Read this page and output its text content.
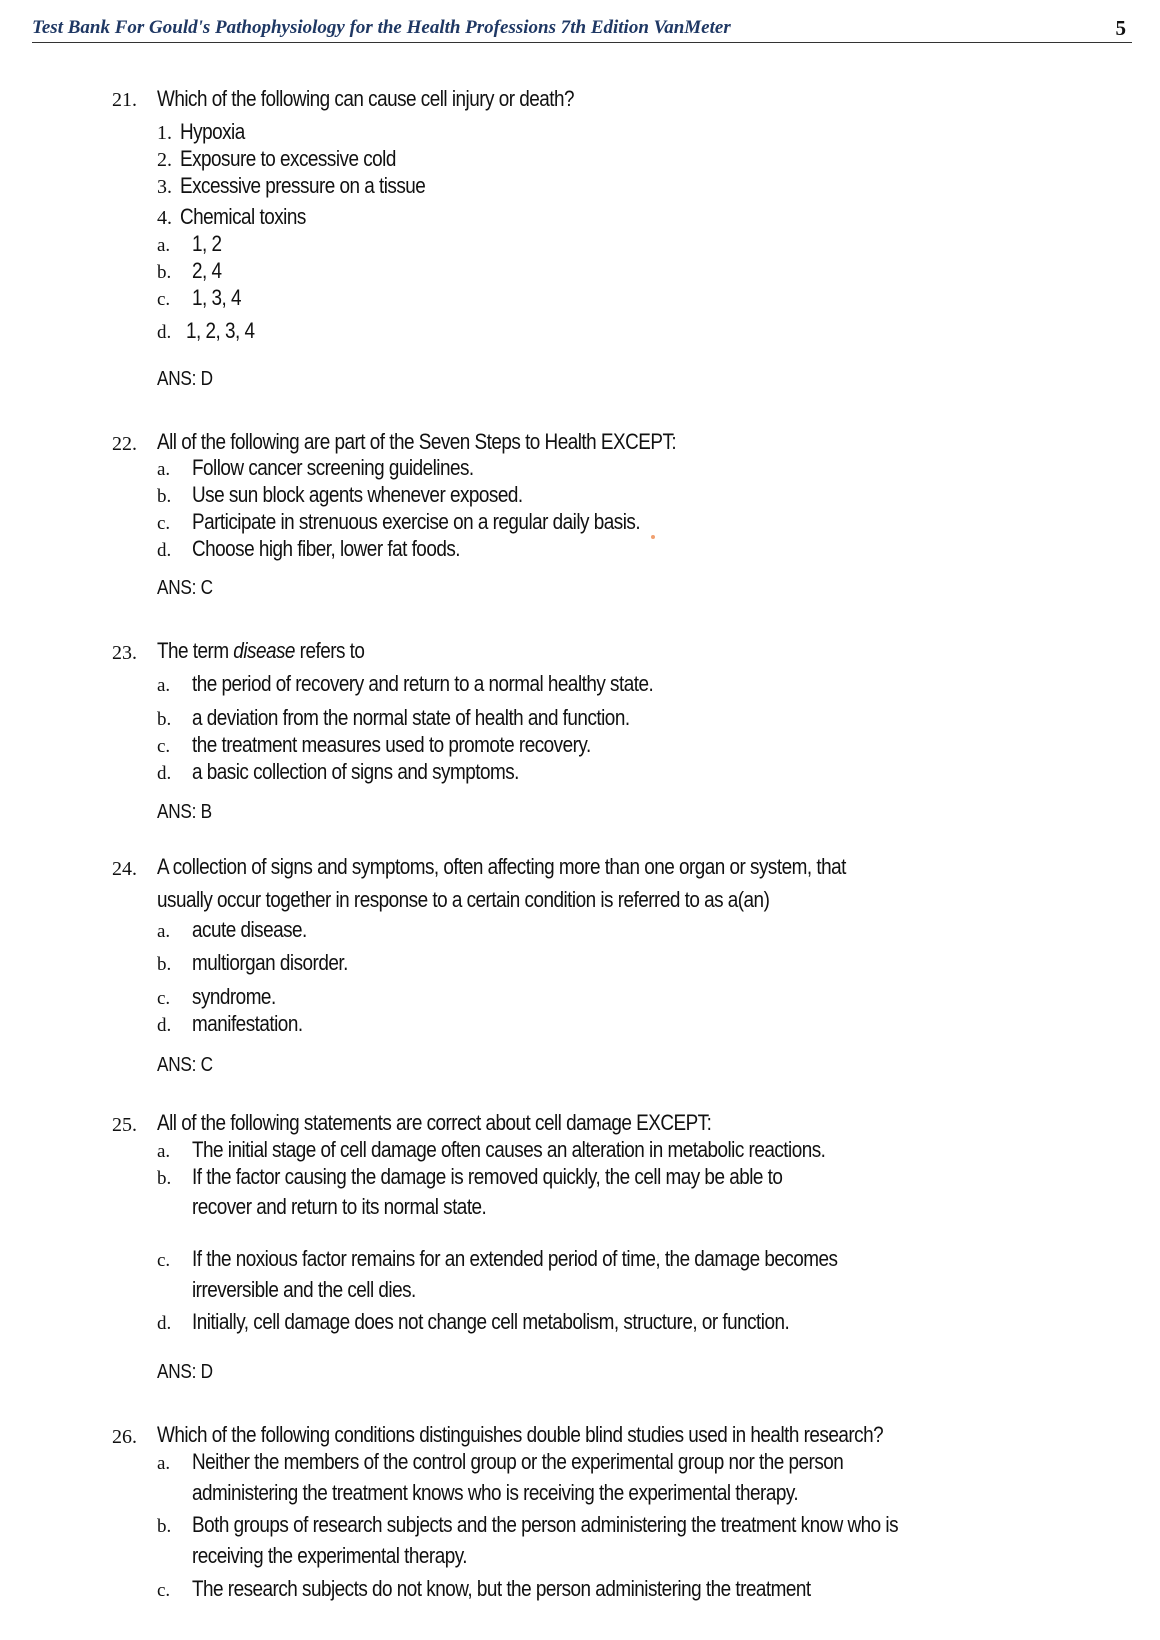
Test Bank For Gould's Pathophysiology for the Health Professions 7th Edition VanMeter	5
21. Which of the following can cause cell injury or death?
1. Hypoxia
2. Exposure to excessive cold
3. Excessive pressure on a tissue
4. Chemical toxins
a. 1, 2
b. 2, 4
c. 1, 3, 4
d. 1, 2, 3, 4
ANS: D
22. All of the following are part of the Seven Steps to Health EXCEPT:
a. Follow cancer screening guidelines.
b. Use sun block agents whenever exposed.
c. Participate in strenuous exercise on a regular daily basis.
d. Choose high fiber, lower fat foods.
ANS: C
23. The term disease refers to
a. the period of recovery and return to a normal healthy state.
b. a deviation from the normal state of health and function.
c. the treatment measures used to promote recovery.
d. a basic collection of signs and symptoms.
ANS: B
24. A collection of signs and symptoms, often affecting more than one organ or system, that
usually occur together in response to a certain condition is referred to as a(an)
a. acute disease.
b. multiorgan disorder.
c. syndrome.
d. manifestation.
ANS: C
25. All of the following statements are correct about cell damage EXCEPT:
a. The initial stage of cell damage often causes an alteration in metabolic reactions.
b. If the factor causing the damage is removed quickly, the cell may be able to
recover and return to its normal state.
c. If the noxious factor remains for an extended period of time, the damage becomes
irreversible and the cell dies.
d. Initially, cell damage does not change cell metabolism, structure, or function.
ANS: D
26. Which of the following conditions distinguishes double blind studies used in health research?
a. Neither the members of the control group or the experimental group nor the person
administering the treatment knows who is receiving the experimental therapy.
b. Both groups of research subjects and the person administering the treatment know who is
receiving the experimental therapy.
c. The research subjects do not know, but the person administering the treatment
